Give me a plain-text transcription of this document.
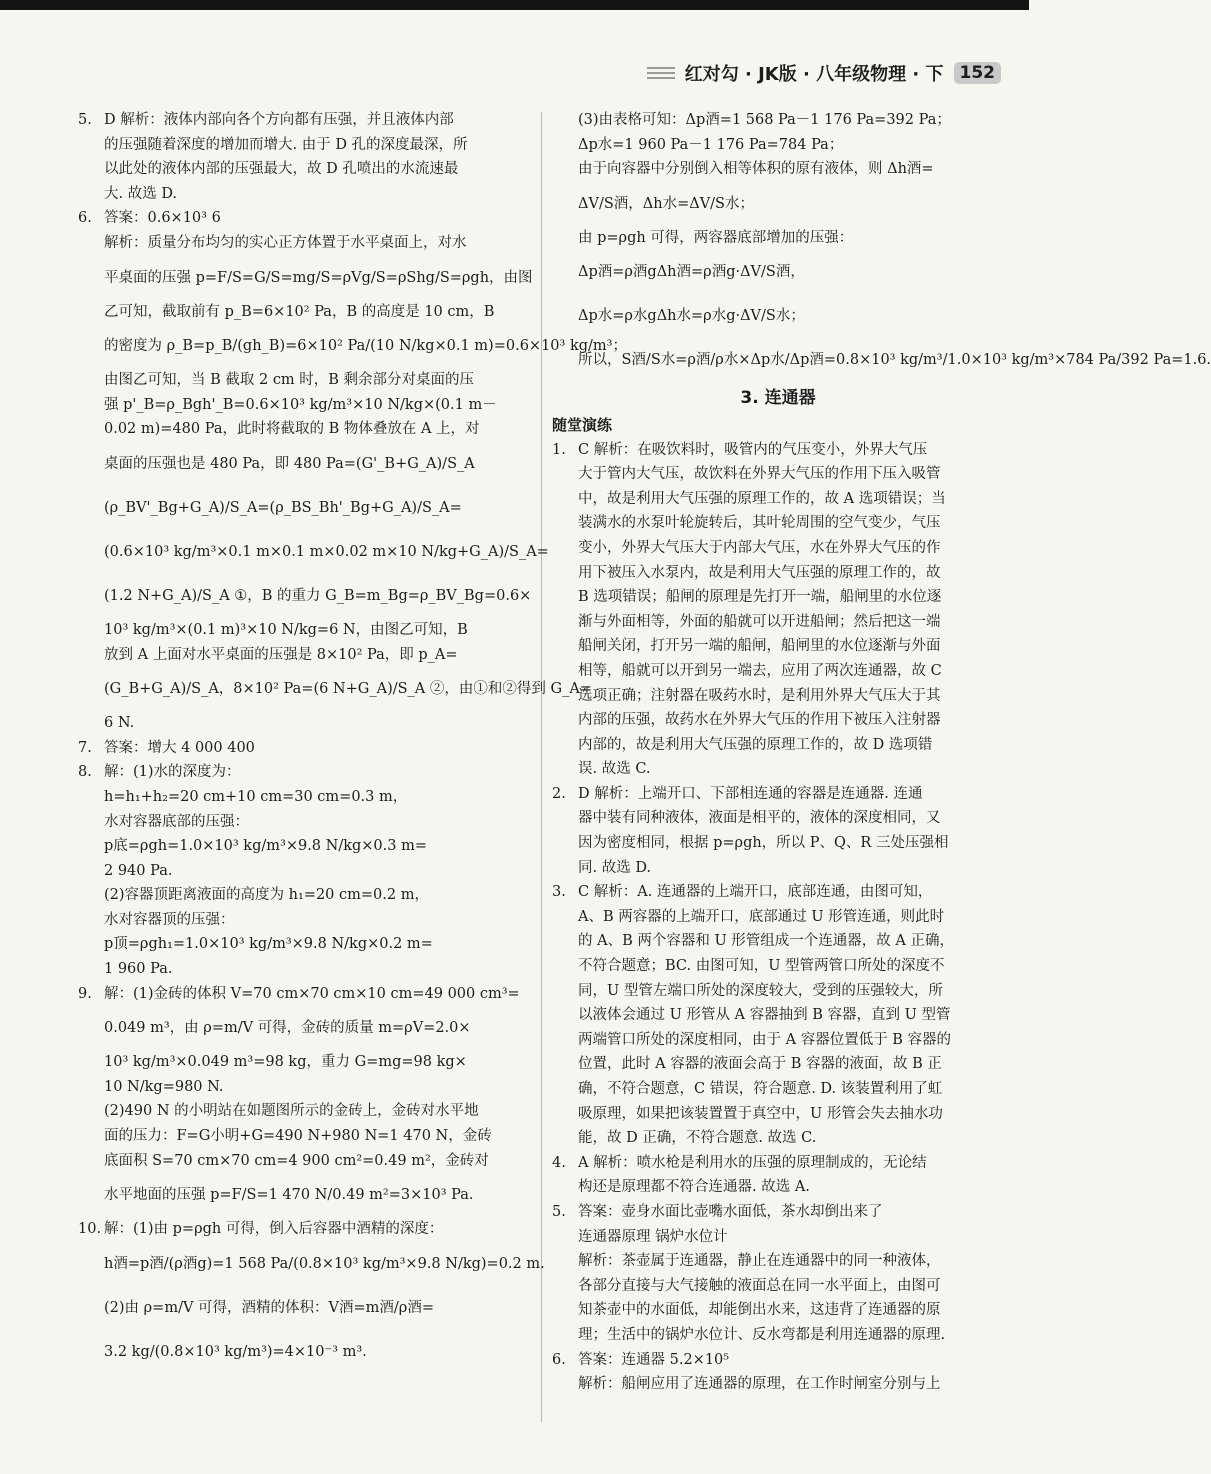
红对勾 · JK版 · 八年级物理 · 下 152
5. D 解析：液体内部向各个方向都有压强，并且液体内部
的压强随着深度的增加而增大. 由于 D 孔的深度最深，所
以此处的液体内部的压强最大，故 D 孔喷出的水流速最
大. 故选 D.
6. 答案：0.6×10³ 6
解析：质量分布均匀的实心正方体置于水平桌面上，对水
平桌面的压强 p=F/S=G/S=mg/S=ρVg/S=ρShg/S=ρgh，由图
乙可知，截取前有 p_B=6×10² Pa，B 的高度是 10 cm，B
的密度为 ρ_B=p_B/(gh_B)=6×10² Pa/(10 N/kg×0.1 m)=0.6×10³ kg/m³；
由图乙可知，当 B 截取 2 cm 时，B 剩余部分对桌面的压
强 p'_B=ρ_Bgh'_B=0.6×10³ kg/m³×10 N/kg×(0.1 m－
0.02 m)=480 Pa，此时将截取的 B 物体叠放在 A 上，对
桌面的压强也是 480 Pa，即 480 Pa=(G'_B+G_A)/S_A
(ρ_BV'_Bg+G_A)/S_A=(ρ_BS_Bh'_Bg+G_A)/S_A=
(0.6×10³ kg/m³×0.1 m×0.1 m×0.02 m×10 N/kg+G_A)/S_A=
(1.2 N+G_A)/S_A ①，B 的重力 G_B=m_Bg=ρ_BV_Bg=0.6×
10³ kg/m³×(0.1 m)³×10 N/kg=6 N，由图乙可知，B
放到 A 上面对水平桌面的压强是 8×10² Pa，即 p_A=
(G_B+G_A)/S_A，8×10² Pa=(6 N+G_A)/S_A ②，由①和②得到 G_A=
6 N.
7. 答案：增大 4 000 400
8. 解：(1)水的深度为：
h=h₁+h₂=20 cm+10 cm=30 cm=0.3 m，
水对容器底部的压强：
p底=ρgh=1.0×10³ kg/m³×9.8 N/kg×0.3 m=
2 940 Pa.
(2)容器顶距离液面的高度为 h₁=20 cm=0.2 m，
水对容器顶的压强：
p顶=ρgh₁=1.0×10³ kg/m³×9.8 N/kg×0.2 m=
1 960 Pa.
9. 解：(1)金砖的体积 V=70 cm×70 cm×10 cm=49 000 cm³=
0.049 m³，由 ρ=m/V 可得，金砖的质量 m=ρV=2.0×
10³ kg/m³×0.049 m³=98 kg，重力 G=mg=98 kg×
10 N/kg=980 N.
(2)490 N 的小明站在如题图所示的金砖上，金砖对水平地
面的压力：F=G小明+G=490 N+980 N=1 470 N，金砖
底面积 S=70 cm×70 cm=4 900 cm²=0.49 m²，金砖对
水平地面的压强 p=F/S=1 470 N/0.49 m²=3×10³ Pa.
10. 解：(1)由 p=ρgh 可得，倒入后容器中酒精的深度：
h酒=p酒/(ρ酒g)=1 568 Pa/(0.8×10³ kg/m³×9.8 N/kg)=0.2 m.
(2)由 ρ=m/V 可得，酒精的体积：V酒=m酒/ρ酒=
3.2 kg/(0.8×10³ kg/m³)=4×10⁻³ m³.
(3)由表格可知：Δp酒=1 568 Pa－1 176 Pa=392 Pa；
Δp水=1 960 Pa－1 176 Pa=784 Pa；
由于向容器中分别倒入相等体积的原有液体，则 Δh酒=
ΔV/S酒，Δh水=ΔV/S水；
由 p=ρgh 可得，两容器底部增加的压强：
Δp酒=ρ酒gΔh酒=ρ酒g·ΔV/S酒，
Δp水=ρ水gΔh水=ρ水g·ΔV/S水；
所以，S酒/S水=ρ酒/ρ水×Δp水/Δp酒=0.8×10³ kg/m³/1.0×10³ kg/m³×784 Pa/392 Pa=1.6.
3. 连通器
随堂演练
1. C 解析：在吸饮料时，吸管内的气压变小，外界大气压
大于管内大气压，故饮料在外界大气压的作用下压入吸管
中，故是利用大气压强的原理工作的，故 A 选项错误；当
装满水的水泵叶轮旋转后，其叶轮周围的空气变少，气压
变小，外界大气压大于内部大气压，水在外界大气压的作
用下被压入水泵内，故是利用大气压强的原理工作的，故
B 选项错误；船闸的原理是先打开一端，船闸里的水位逐
渐与外面相等，外面的船就可以开进船闸；然后把这一端
船闸关闭，打开另一端的船闸，船闸里的水位逐渐与外面
相等，船就可以开到另一端去，应用了两次连通器，故 C
选项正确；注射器在吸药水时，是利用外界大气压大于其
内部的压强，故药水在外界大气压的作用下被压入注射器
内部的，故是利用大气压强的原理工作的，故 D 选项错
误. 故选 C.
2. D 解析：上端开口、下部相连通的容器是连通器. 连通
器中装有同种液体，液面是相平的，液体的深度相同，又
因为密度相同，根据 p=ρgh，所以 P、Q、R 三处压强相
同. 故选 D.
3. C 解析：A. 连通器的上端开口，底部连通，由图可知，
A、B 两容器的上端开口，底部通过 U 形管连通，则此时
的 A、B 两个容器和 U 形管组成一个连通器，故 A 正确，
不符合题意；BC. 由图可知，U 型管两管口所处的深度不
同，U 型管左端口所处的深度较大，受到的压强较大，所
以液体会通过 U 形管从 A 容器抽到 B 容器，直到 U 型管
两端管口所处的深度相同，由于 A 容器位置低于 B 容器的
位置，此时 A 容器的液面会高于 B 容器的液面，故 B 正
确，不符合题意，C 错误，符合题意. D. 该装置利用了虹
吸原理，如果把该装置置于真空中，U 形管会失去抽水功
能，故 D 正确，不符合题意. 故选 C.
4. A 解析：喷水枪是利用水的压强的原理制成的，无论结
构还是原理都不符合连通器. 故选 A.
5. 答案：壶身水面比壶嘴水面低，茶水却倒出来了
连通器原理 锅炉水位计
解析：茶壶属于连通器，静止在连通器中的同一种液体，
各部分直接与大气接触的液面总在同一水平面上，由图可
知茶壶中的水面低，却能倒出水来，这违背了连通器的原
理；生活中的锅炉水位计、反水弯都是利用连通器的原理.
6. 答案：连通器 5.2×10⁵
解析：船闸应用了连通器的原理，在工作时闸室分别与上
